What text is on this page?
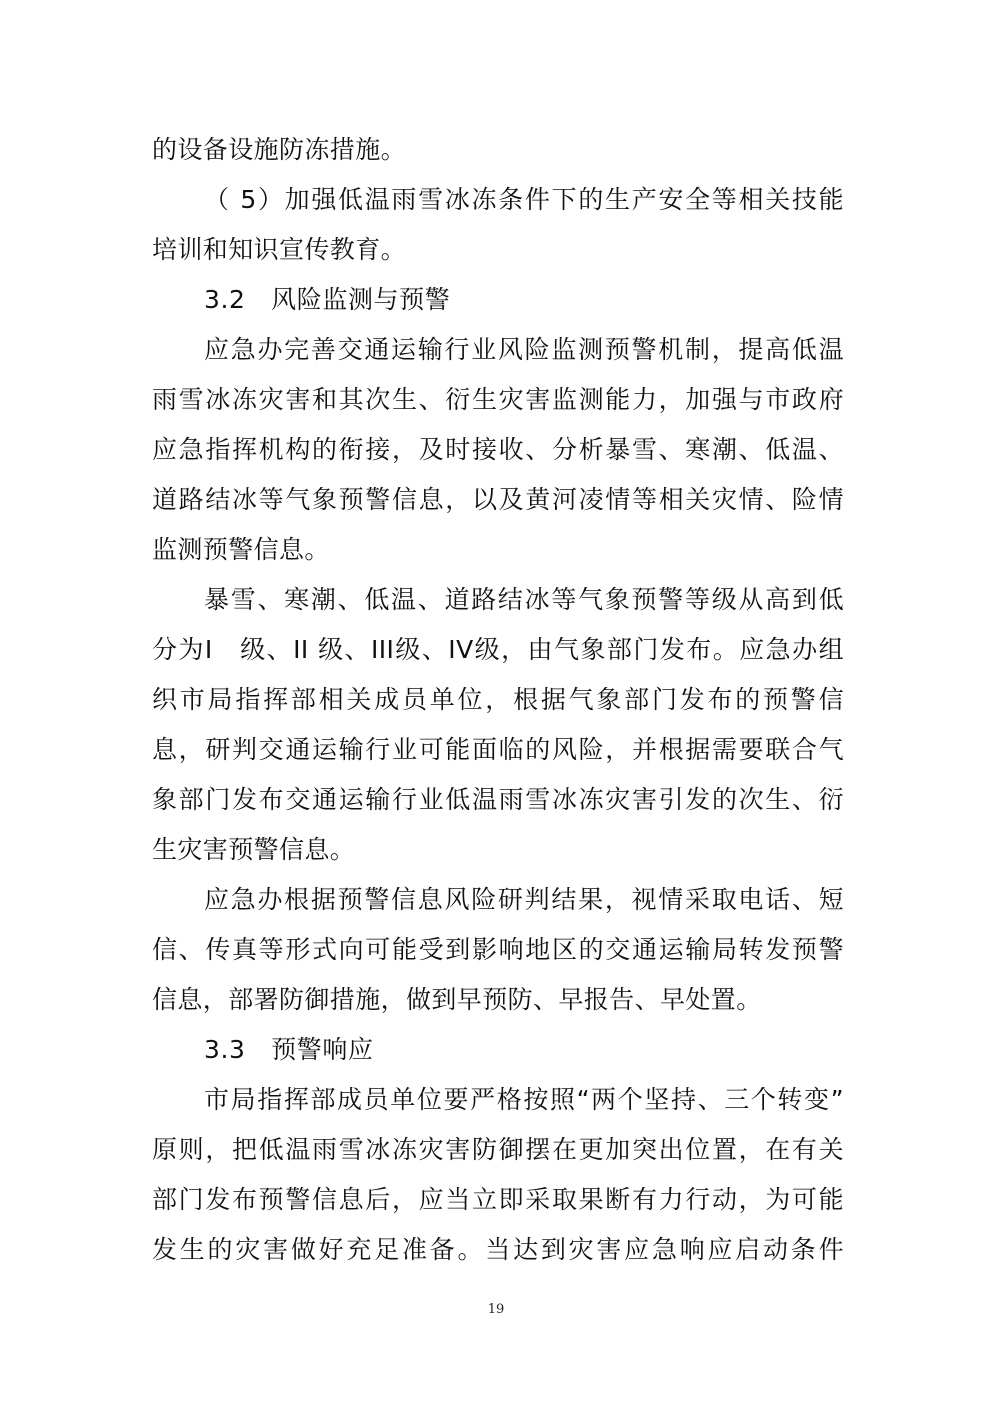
的设备设施防冻措施。
（ 5）加强低温雨雪冰冻条件下的生产安全等相关技能
培训和知识宣传教育。
3.2　风险监测与预警
应急办完善交通运输行业风险监测预警机制，提高低温
雨雪冰冻灾害和其次生、衍生灾害监测能力，加强与市政府
应急指挥机构的衔接，及时接收、分析暴雪、寒潮、低温、
道路结冰等气象预警信息，以及黄河凌情等相关灾情、险情
监测预警信息。
暴雪、寒潮、低温、道路结冰等气象预警等级从高到低
分为I　级、II 级、III级、IV级，由气象部门发布。应急办组
织市局指挥部相关成员单位，根据气象部门发布的预警信
息，研判交通运输行业可能面临的风险，并根据需要联合气
象部门发布交通运输行业低温雨雪冰冻灾害引发的次生、衍
生灾害预警信息。
应急办根据预警信息风险研判结果，视情采取电话、短
信、传真等形式向可能受到影响地区的交通运输局转发预警
信息，部署防御措施，做到早预防、早报告、早处置。
3.3　预警响应
市局指挥部成员单位要严格按照“两个坚持、三个转变”
原则，把低温雨雪冰冻灾害防御摆在更加突出位置，在有关
部门发布预警信息后，应当立即采取果断有力行动，为可能
发生的灾害做好充足准备。当达到灾害应急响应启动条件
19
